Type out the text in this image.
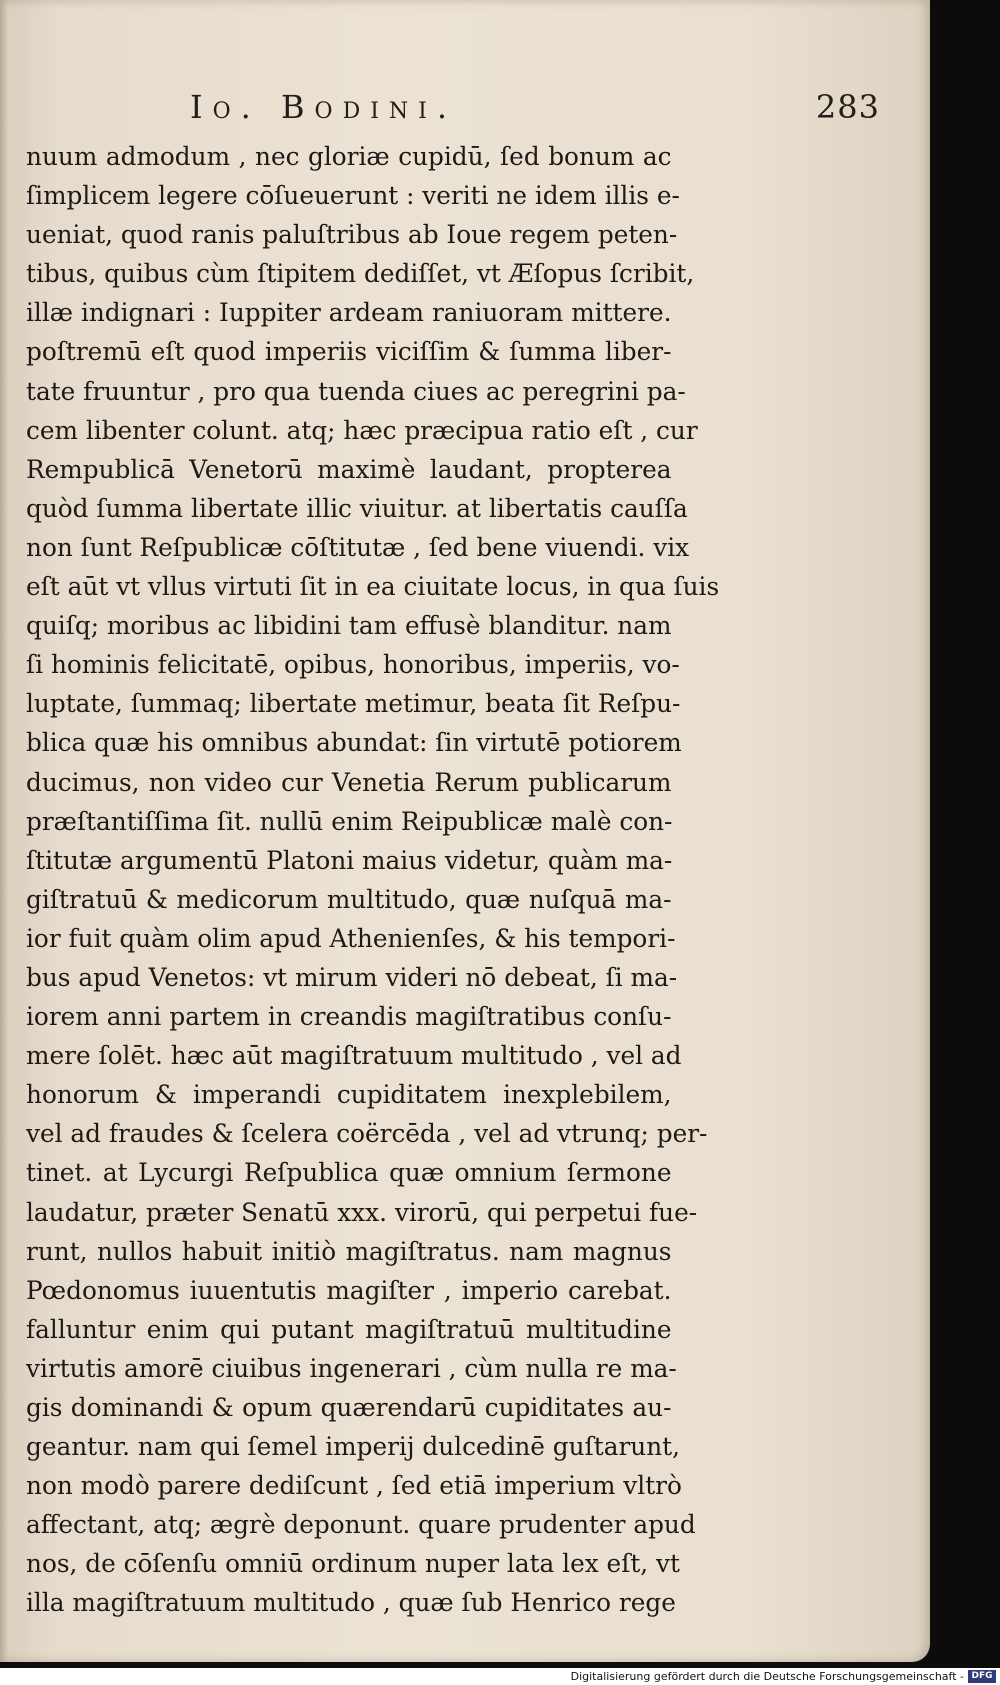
Io. Bodini.	283
nuum admodum , nec gloriæ cupidū, ſed bonum ac
ſimplicem legere cōſueuerunt : veriti ne idem illis e-
ueniat, quod ranis paluſtribus ab Ioue regem peten-
tibus, quibus cùm ſtipitem dediſſet, vt Æſopus ſcribit,
illæ indignari : Iuppiter ardeam raniuoram mittere.
poſtremū eſt quod imperiis viciſſim & ſumma liber-
tate fruuntur , pro qua tuenda ciues ac peregrini pa-
cem libenter colunt. atq; hæc præcipua ratio eſt , cur
Rempublicā Venetorū maximè laudant, propterea
quòd ſumma libertate illic viuitur. at libertatis cauſſa
non ſunt Reſpublicæ cōſtitutæ , ſed bene viuendi. vix
eſt aūt vt vllus virtuti ſit in ea ciuitate locus, in qua ſuis
quiſq; moribus ac libidini tam effusè blanditur. nam
ſi hominis felicitatē, opibus, honoribus, imperiis, vo-
luptate, ſummaq; libertate metimur, beata ſit Reſpu-
blica quæ his omnibus abundat: ſin virtutē potiorem
ducimus, non video cur Venetia Rerum publicarum
præſtantiſſima ſit. nullū enim Reipublicæ malè con-
ſtitutæ argumentū Platoni maius videtur, quàm ma-
giſtratuū & medicorum multitudo, quæ nuſquā ma-
ior fuit quàm olim apud Athenienſes, & his tempori-
bus apud Venetos: vt mirum videri nō debeat, ſi ma-
iorem anni partem in creandis magiſtratibus conſu-
mere ſolēt. hæc aūt magiſtratuum multitudo , vel ad
honorum & imperandi cupiditatem inexplebilem,
vel ad fraudes & ſcelera coërcēda , vel ad vtrunq; per-
tinet. at Lycurgi Reſpublica quæ omnium ſermone
laudatur, præter Senatū xxx. virorū, qui perpetui fue-
runt, nullos habuit initiò magiſtratus. nam magnus
Pœdonomus iuuentutis magiſter , imperio carebat.
falluntur enim qui putant magiſtratuū multitudine
virtutis amorē ciuibus ingenerari , cùm nulla re ma-
gis dominandi & opum quærendarū cupiditates au-
geantur. nam qui ſemel imperij dulcedinē guſtarunt,
non modò parere dediſcunt , ſed etiā imperium vltrò
affectant, atq; ægrè deponunt. quare prudenter apud
nos, de cōſenſu omniū ordinum nuper lata lex eſt, vt
illa magiſtratuum multitudo , quæ ſub Henrico rege
Digitalisierung gefördert durch die Deutsche Forschungsgemeinschaft - DFG
